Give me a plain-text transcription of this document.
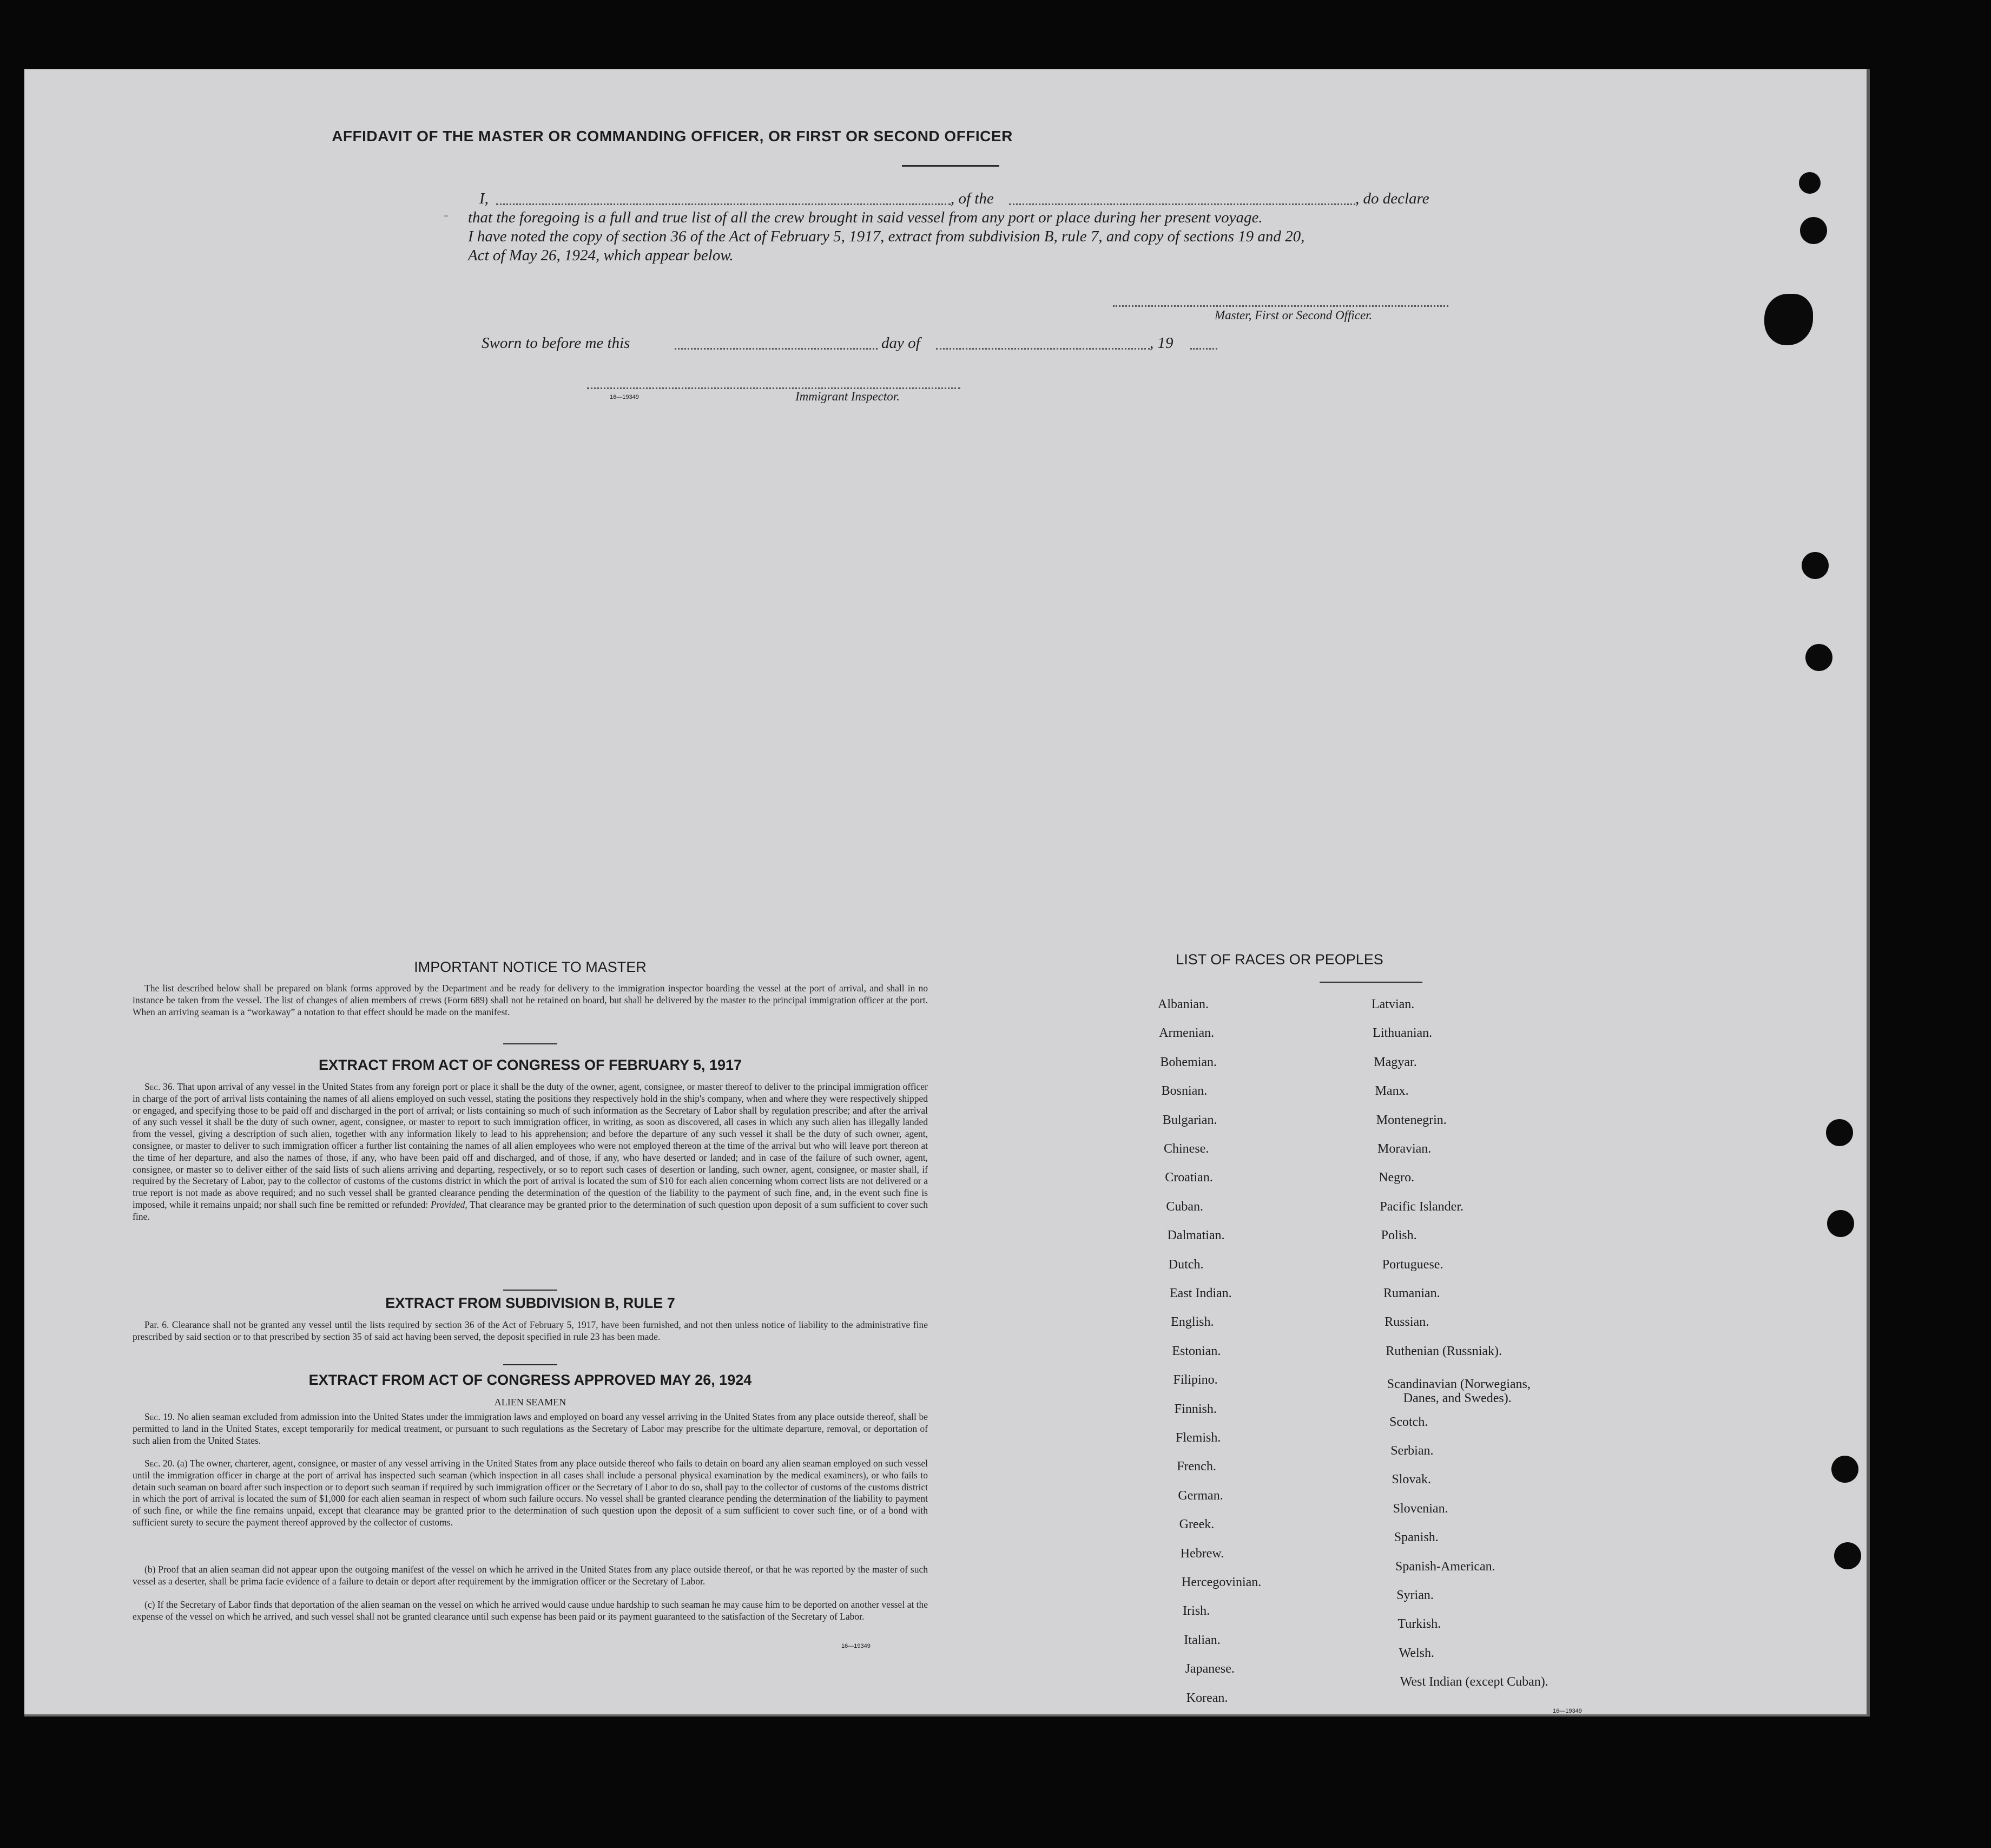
AFFIDAVIT OF THE MASTER OR COMMANDING OFFICER, OR FIRST OR SECOND OFFICER
I,	, of the	, do declare
– that the foregoing is a full and true list of all the crew brought in said vessel from any port or place during her present voyage.
I have noted the copy of section 36 of the Act of February 5, 1917, extract from subdivision B, rule 7, and copy of sections 19 and 20,
Act of May 26, 1924, which appear below.
Master, First or Second Officer.
Sworn to before me this	day of	, 19
16—19349	Immigrant Inspector.
IMPORTANT NOTICE TO MASTER

The list described below shall be prepared on blank forms approved by the Department and be ready for delivery to the immigration inspector boarding the vessel at the port of arrival, and shall in no instance be taken from the vessel. The list of changes of alien members of crews (Form 689) shall not be retained on board, but shall be delivered by the master to the principal immigration officer at the port. When an arriving seaman is a “workaway” a notation to that effect should be made on the manifest.

EXTRACT FROM ACT OF CONGRESS OF FEBRUARY 5, 1917

Sec. 36. That upon arrival of any vessel in the United States from any foreign port or place it shall be the duty of the owner, agent, consignee, or master thereof to deliver to the principal immigration officer in charge of the port of arrival lists containing the names of all aliens employed on such vessel, stating the positions they respectively hold in the ship's company, when and where they were respectively shipped or engaged, and specifying those to be paid off and discharged in the port of arrival; or lists containing so much of such information as the Secretary of Labor shall by regulation prescribe; and after the arrival of any such vessel it shall be the duty of such owner, agent, consignee, or master to report to such immigration officer, in writing, as soon as discovered, all cases in which any such alien has illegally landed from the vessel, giving a description of such alien, together with any information likely to lead to his apprehension; and before the departure of any such vessel it shall be the duty of such owner, agent, consignee, or master to deliver to such immigration officer a further list containing the names of all alien employees who were not employed thereon at the time of the arrival but who will leave port thereon at the time of her departure, and also the names of those, if any, who have been paid off and discharged, and of those, if any, who have deserted or landed; and in case of the failure of such owner, agent, consignee, or master so to deliver either of the said lists of such aliens arriving and departing, respectively, or so to report such cases of desertion or landing, such owner, agent, consignee, or master shall, if required by the Secretary of Labor, pay to the collector of customs of the customs district in which the port of arrival is located the sum of $10 for each alien concerning whom correct lists are not delivered or a true report is not made as above required; and no such vessel shall be granted clearance pending the determination of the question of the liability to the payment of such fine, and, in the event such fine is imposed, while it remains unpaid; nor shall such fine be remitted or refunded: Provided, That clearance may be granted prior to the determination of such question upon deposit of a sum sufficient to cover such fine.

EXTRACT FROM SUBDIVISION B, RULE 7

Par. 6. Clearance shall not be granted any vessel until the lists required by section 36 of the Act of February 5, 1917, have been furnished, and not then unless notice of liability to the administrative fine prescribed by said section or to that prescribed by section 35 of said act having been served, the deposit specified in rule 23 has been made.

EXTRACT FROM ACT OF CONGRESS APPROVED MAY 26, 1924
ALIEN SEAMEN

Sec. 19. No alien seaman excluded from admission into the United States under the immigration laws and employed on board any vessel arriving in the United States from any place outside thereof, shall be permitted to land in the United States, except temporarily for medical treatment, or pursuant to such regulations as the Secretary of Labor may prescribe for the ultimate departure, removal, or deportation of such alien from the United States.

Sec. 20. (a) The owner, charterer, agent, consignee, or master of any vessel arriving in the United States from any place outside thereof who fails to detain on board any alien seaman employed on such vessel until the immigration officer in charge at the port of arrival has inspected such seaman (which inspection in all cases shall include a personal physical examination by the medical examiners), or who fails to detain such seaman on board after such inspection or to deport such seaman if required by such immigration officer or the Secretary of Labor to do so, shall pay to the collector of customs of the customs district in which the port of arrival is located the sum of $1,000 for each alien seaman in respect of whom such failure occurs. No vessel shall be granted clearance pending the determination of the liability to payment of such fine, or while the fine remains unpaid, except that clearance may be granted prior to the determination of such question upon the deposit of a sum sufficient to cover such fine, or of a bond with sufficient surety to secure the payment thereof approved by the collector of customs.

(b) Proof that an alien seaman did not appear upon the outgoing manifest of the vessel on which he arrived in the United States from any place outside thereof, or that he was reported by the master of such vessel as a deserter, shall be prima facie evidence of a failure to detain or deport after requirement by the immigration officer or the Secretary of Labor.

(c) If the Secretary of Labor finds that deportation of the alien seaman on the vessel on which he arrived would cause undue hardship to such seaman he may cause him to be deported on another vessel at the expense of the vessel on which he arrived, and such vessel shall not be granted clearance until such expense has been paid or its payment guaranteed to the satisfaction of the Secretary of Labor.

16—19349
LIST OF RACES OR PEOPLES
Albanian.
Armenian.
Bohemian.
Bosnian.
Bulgarian.
Chinese.
Croatian.
Cuban.
Dalmatian.
Dutch.
East Indian.
English.
Estonian.
Filipino.
Finnish.
Flemish.
French.
German.
Greek.
Hebrew.
Hercegovinian.
Irish.
Italian.
Japanese.
Korean.
Latvian.
Lithuanian.
Magyar.
Manx.
Montenegrin.
Moravian.
Negro.
Pacific Islander.
Polish.
Portuguese.
Rumanian.
Russian.
Ruthenian (Russniak).
Scandinavian (Norwegians,
Danes, and Swedes).
Scotch.
Serbian.
Slovak.
Slovenian.
Spanish.
Spanish-American.
Syrian.
Turkish.
Welsh.
West Indian (except Cuban).
16—19349
